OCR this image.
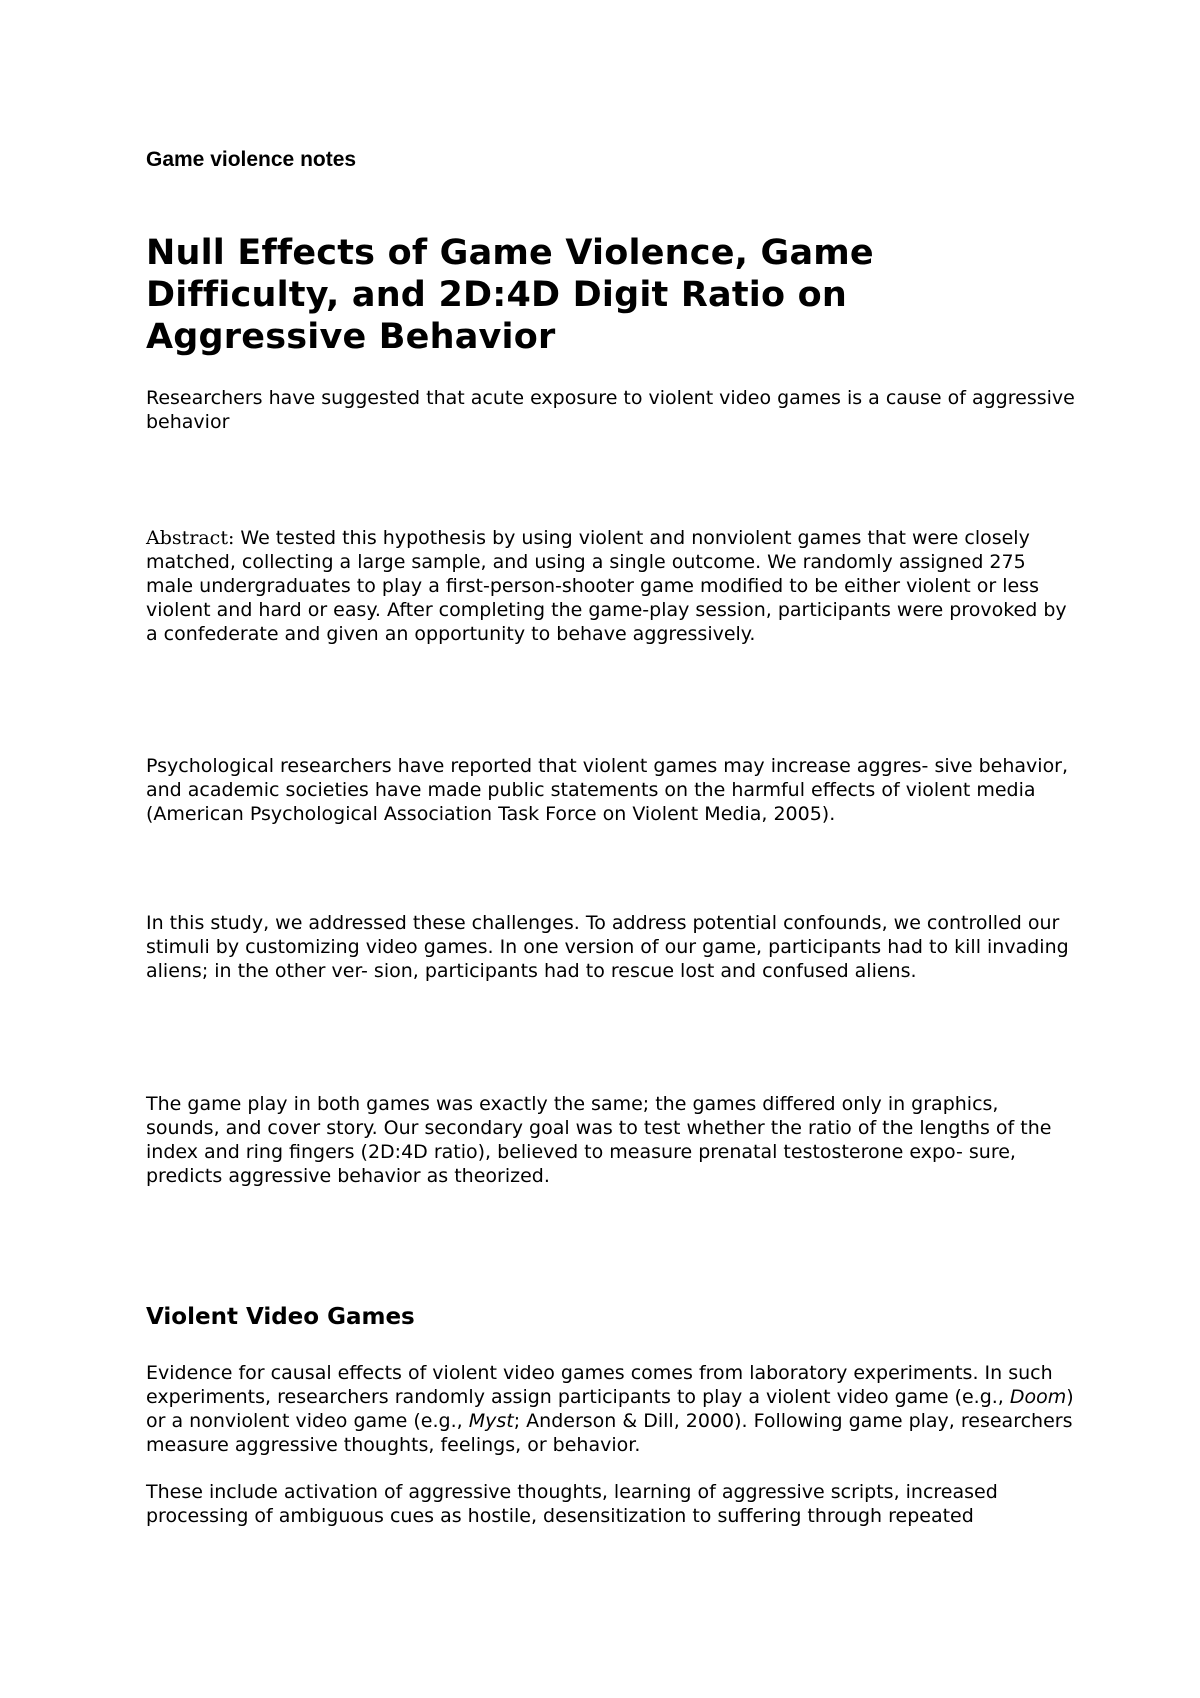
Game violence notes
Null Effects of Game Violence, Game Difficulty, and 2D:4D Digit Ratio on Aggressive Behavior

Researchers have suggested that acute exposure to violent video games is a cause of aggressive behavior

Abstract: We tested this hypothesis by using violent and nonviolent games that were closely matched, collecting a large sample, and using a single outcome. We randomly assigned 275 male undergraduates to play a first-person-shooter game modified to be either violent or less violent and hard or easy. After completing the game-play session, participants were provoked by a confederate and given an opportunity to behave aggressively.

Psychological researchers have reported that violent games may increase aggres- sive behavior, and academic societies have made public statements on the harmful effects of violent media (American Psychological Association Task Force on Violent Media, 2005).

In this study, we addressed these challenges. To address potential confounds, we controlled our stimuli by customizing video games. In one version of our game, participants had to kill invading aliens; in the other ver- sion, participants had to rescue lost and confused aliens.

The game play in both games was exactly the same; the games differed only in graphics, sounds, and cover story. Our secondary goal was to test whether the ratio of the lengths of the index and ring fingers (2D:4D ratio), believed to measure prenatal testosterone expo- sure, predicts aggressive behavior as theorized.

Violent Video Games

Evidence for causal effects of violent video games comes from laboratory experiments. In such experiments, researchers randomly assign participants to play a violent video game (e.g., Doom) or a nonviolent video game (e.g., Myst; Anderson & Dill, 2000). Following game play, researchers measure aggressive thoughts, feelings, or behavior.

These include activation of aggressive thoughts, learning of aggressive scripts, increased processing of ambiguous cues as hostile, desensitization to suffering through repeated
